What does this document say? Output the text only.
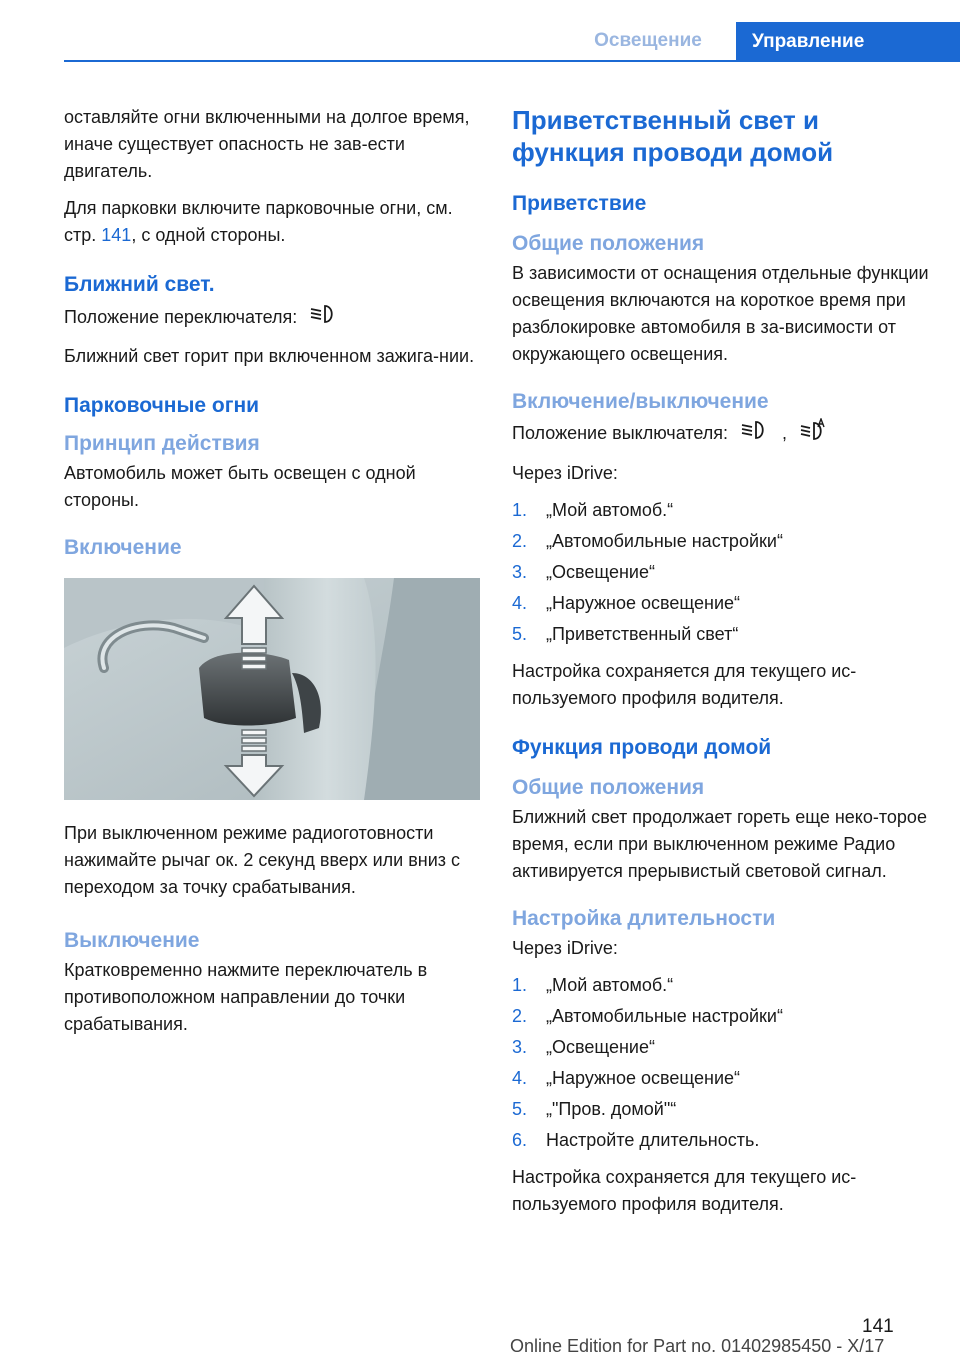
Освещение	Управление

оставляйте огни включенными на долгое время, иначе существует опасность не зав-ести двигатель.

Для парковки включите парковочные огни, см. стр. 141, с одной стороны.

Ближний свет.

Положение переключателя:

Ближний свет горит при включенном зажига-нии.

Парковочные огни
Принцип действия

Автомобиль может быть освещен с одной стороны.

Включение

При выключенном режиме радиоготовности нажимайте рычаг ок. 2 секунд вверх или вниз с переходом за точку срабатывания.

Выключение

Кратковременно нажмите переключатель в противоположном направлении до точки срабатывания.

Приветственный свет и функция проводи домой
Приветствие
Общие положения

В зависимости от оснащения отдельные функции освещения включаются на короткое время при разблокировке автомобиля в за-висимости от окружающего освещения.

Включение/выключение

Положение выключателя:	,

Через iDrive:

1.	„Мой автомоб.“
2.	„Автомобильные настройки“
3.	„Освещение“
4.	„Наружное освещение“
5.	„Приветственный свет“

Настройка сохраняется для текущего ис-пользуемого профиля водителя.

Функция проводи домой
Общие положения

Ближний свет продолжает гореть еще неко-торое время, если при выключенном режиме Радио активируется прерывистый световой сигнал.

Настройка длительности

Через iDrive:

1.	„Мой автомоб.“
2.	„Автомобильные настройки“
3.	„Освещение“
4.	„Наружное освещение“
5.	„"Пров. домой"“
6.	Настройте длительность.

Настройка сохраняется для текущего ис-пользуемого профиля водителя.

141
Online Edition for Part no. 01402985450 - X/17
